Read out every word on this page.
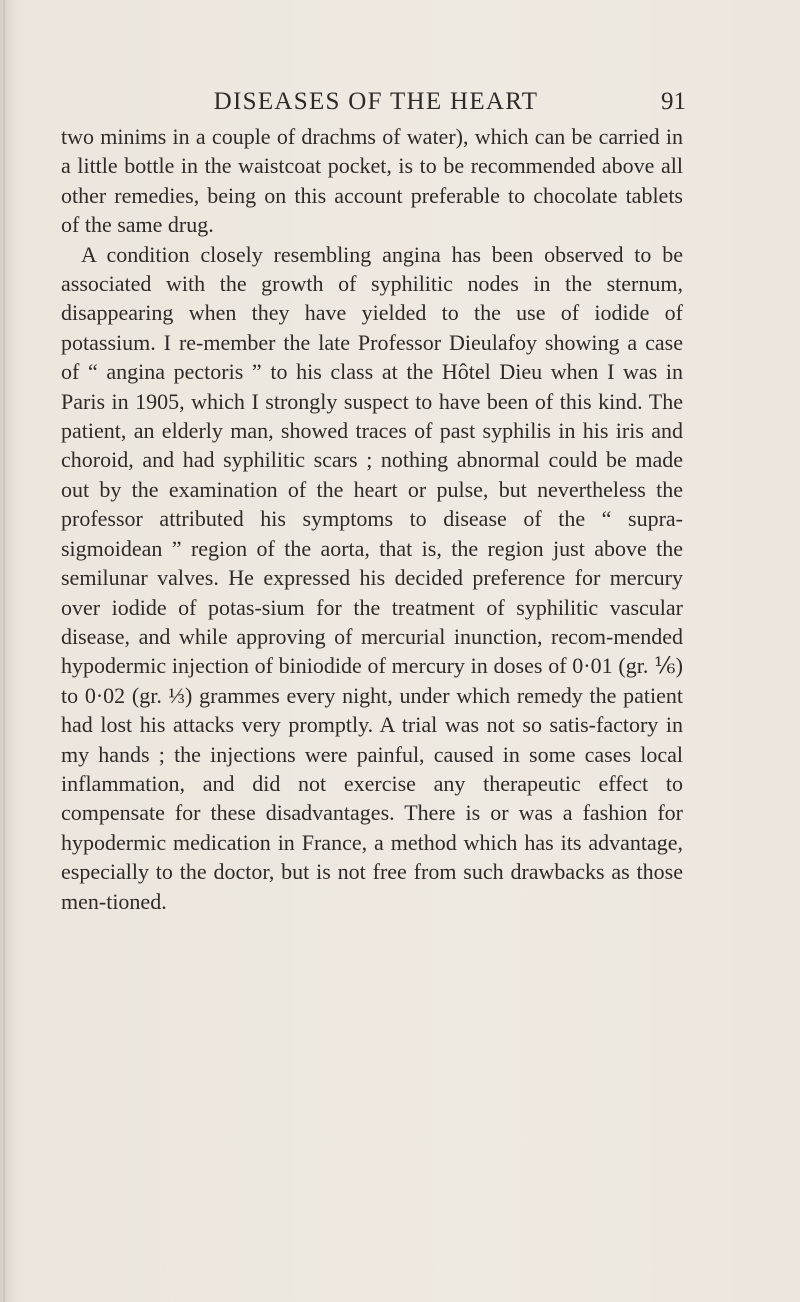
DISEASES OF THE HEART	91

two minims in a couple of drachms of water), which can be carried in a little bottle in the waistcoat pocket, is to be recommended above all other remedies, being on this account preferable to chocolate tablets of the same drug.

A condition closely resembling angina has been observed to be associated with the growth of syphilitic nodes in the sternum, disappearing when they have yielded to the use of iodide of potassium. I re-member the late Professor Dieulafoy showing a case of “ angina pectoris ” to his class at the Hôtel Dieu when I was in Paris in 1905, which I strongly suspect to have been of this kind. The patient, an elderly man, showed traces of past syphilis in his iris and choroid, and had syphilitic scars ; nothing abnormal could be made out by the examination of the heart or pulse, but nevertheless the professor attributed his symptoms to disease of the “ supra-sigmoidean ” region of the aorta, that is, the region just above the semilunar valves. He expressed his decided preference for mercury over iodide of potas-sium for the treatment of syphilitic vascular disease, and while approving of mercurial inunction, recom-mended hypodermic injection of biniodide of mercury in doses of 0·01 (gr. ⅙) to 0·02 (gr. ⅓) grammes every night, under which remedy the patient had lost his attacks very promptly. A trial was not so satis-factory in my hands ; the injections were painful, caused in some cases local inflammation, and did not exercise any therapeutic effect to compensate for these disadvantages. There is or was a fashion for hypodermic medication in France, a method which has its advantage, especially to the doctor, but is not free from such drawbacks as those men-tioned.
